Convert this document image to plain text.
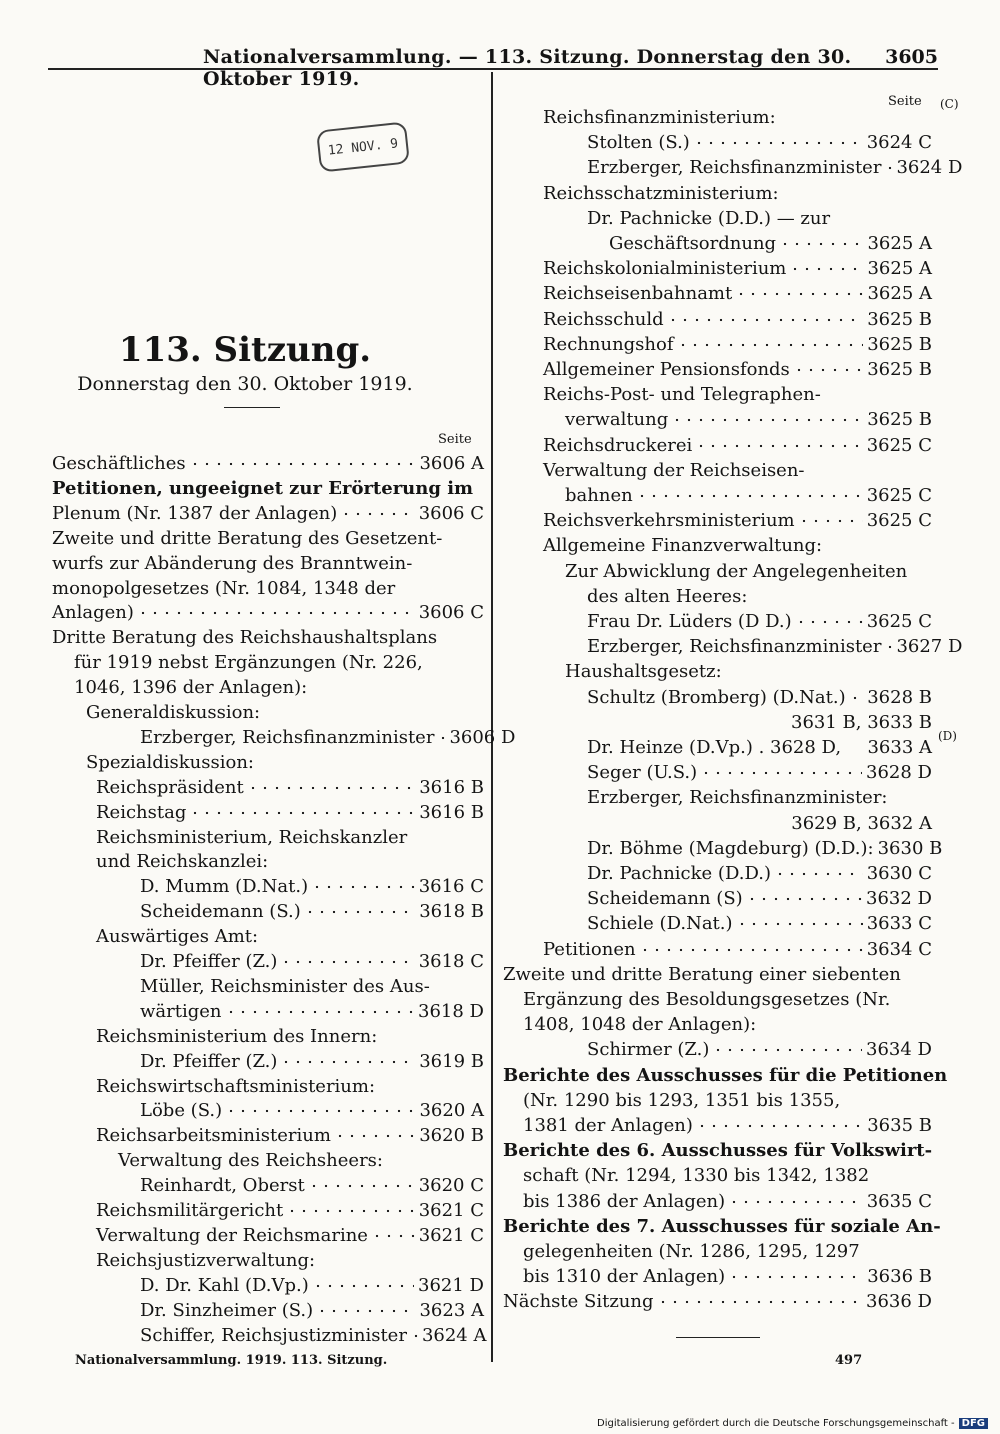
Nationalversammlung. — 113. Sitzung. Donnerstag den 30. Oktober 1919.
3605
12 NOV. 9
113. Sitzung.
Donnerstag den 30. Oktober 1919.
Seite
Seite (C)
(D)
Geschäftliches	3606 A
Petitionen, ungeeignet zur Erörterung im
Plenum (Nr. 1387 der Anlagen)	3606 C
Zweite und dritte Beratung des Gesetzent-
wurfs zur Abänderung des Branntwein-
monopolgesetzes (Nr. 1084, 1348 der
Anlagen)	3606 C
Dritte Beratung des Reichshaushaltsplans
für 1919 nebst Ergänzungen (Nr. 226,
1046, 1396 der Anlagen):
Generaldiskussion:
Erzberger, Reichsfinanzminister 3606 D
Spezialdiskussion:
Reichspräsident	3616 B
Reichstag	3616 B
Reichsministerium, Reichskanzler
und Reichskanzlei:
D. Mumm (D.Nat.)	3616 C
Scheidemann (S.)	3618 B
Auswärtiges Amt:
Dr. Pfeiffer (Z.)	3618 C
Müller, Reichsminister des Aus-
wärtigen	3618 D
Reichsministerium des Innern:
Dr. Pfeiffer (Z.)	3619 B
Reichswirtschaftsministerium:
Löbe (S.)	3620 A
Reichsarbeitsministerium	3620 B
Verwaltung des Reichsheers:
Reinhardt, Oberst	3620 C
Reichsmilitärgericht	3621 C
Verwaltung der Reichsmarine	3621 C
Reichsjustizverwaltung:
D. Dr. Kahl (D.Vp.)	3621 D
Dr. Sinzheimer (S.)	3623 A
Schiffer, Reichsjustizminister 3624 A
Reichsfinanzministerium:
Stolten (S.)	3624 C
Erzberger, Reichsfinanzminister 3624 D
Reichsschatzministerium:
Dr. Pachnicke (D.D.) — zur
Geschäftsordnung	3625 A
Reichskolonialministerium	3625 A
Reichseisenbahnamt	3625 A
Reichsschuld	3625 B
Rechnungshof	3625 B
Allgemeiner Pensionsfonds	3625 B
Reichs-Post- und Telegraphen-
verwaltung	3625 B
Reichsdruckerei	3625 C
Verwaltung der Reichseisen-
bahnen	3625 C
Reichsverkehrsministerium	3625 C
Allgemeine Finanzverwaltung:
Zur Abwicklung der Angelegenheiten
des alten Heeres:
Frau Dr. Lüders (D D.)	3625 C
Erzberger, Reichsfinanzminister 3627 D
Haushaltsgesetz:
Schultz (Bromberg) (D.Nat.) 3628 B
3631 B, 3633 B
Dr. Heinze (D.Vp.) . 3628 D,	3633 A
Seger (U.S.)	3628 D
Erzberger, Reichsfinanzminister:
3629 B, 3632 A
Dr. Böhme (Magdeburg) (D.D.): 3630 B
Dr. Pachnicke (D.D.)	3630 C
Scheidemann (S)	3632 D
Schiele (D.Nat.)	3633 C
Petitionen	3634 C
Zweite und dritte Beratung einer siebenten
Ergänzung des Besoldungsgesetzes (Nr.
1408, 1048 der Anlagen):
Schirmer (Z.)	3634 D
Berichte des Ausschusses für die Petitionen
(Nr. 1290 bis 1293, 1351 bis 1355,
1381 der Anlagen)	3635 B
Berichte des 6. Ausschusses für Volkswirt-
schaft (Nr. 1294, 1330 bis 1342, 1382
bis 1386 der Anlagen)	3635 C
Berichte des 7. Ausschusses für soziale An-
gelegenheiten (Nr. 1286, 1295, 1297
bis 1310 der Anlagen)	3636 B
Nächste Sitzung	3636 D
Nationalversammlung. 1919. 113. Sitzung.	497
Digitalisierung gefördert durch die Deutsche Forschungsgemeinschaft - DFG
